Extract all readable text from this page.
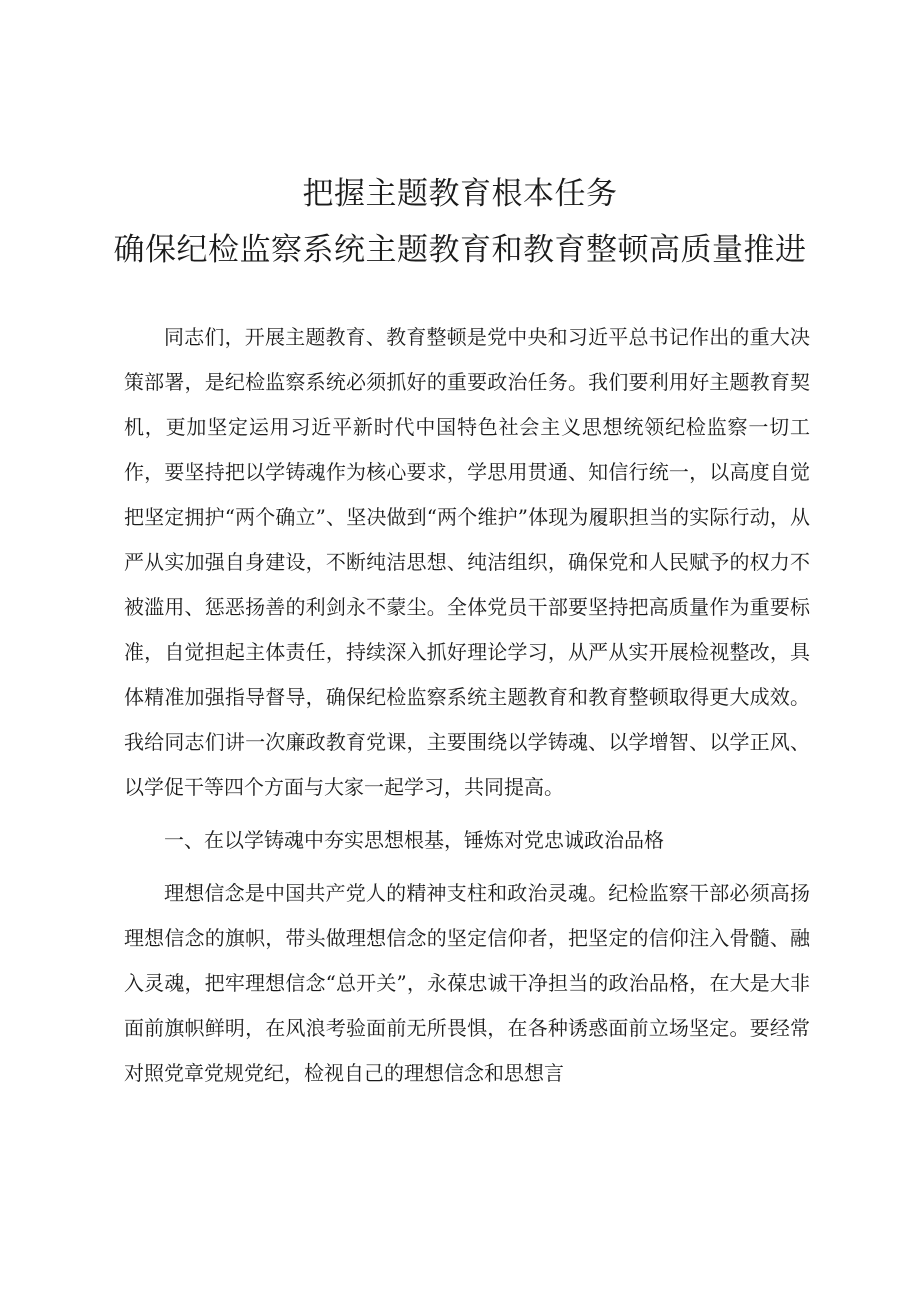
把握主题教育根本任务
确保纪检监察系统主题教育和教育整顿高质量推进

同志们，开展主题教育、教育整顿是党中央和习近平总书记作出的重大决策部署，是纪检监察系统必须抓好的重要政治任务。我们要利用好主题教育契机，更加坚定运用习近平新时代中国特色社会主义思想统领纪检监察一切工作，要坚持把以学铸魂作为核心要求，学思用贯通、知信行统一，以高度自觉把坚定拥护“两个确立”、坚决做到“两个维护”体现为履职担当的实际行动，从严从实加强自身建设，不断纯洁思想、纯洁组织，确保党和人民赋予的权力不被滥用、惩恶扬善的利剑永不蒙尘。全体党员干部要坚持把高质量作为重要标准，自觉担起主体责任，持续深入抓好理论学习，从严从实开展检视整改，具体精准加强指导督导，确保纪检监察系统主题教育和教育整顿取得更大成效。我给同志们讲一次廉政教育党课，主要围绕以学铸魂、以学增智、以学正风、以学促干等四个方面与大家一起学习，共同提高。

一、在以学铸魂中夯实思想根基，锤炼对党忠诚政治品格

理想信念是中国共产党人的精神支柱和政治灵魂。纪检监察干部必须高扬理想信念的旗帜，带头做理想信念的坚定信仰者，把坚定的信仰注入骨髓、融入灵魂，把牢理想信念“总开关”，永葆忠诚干净担当的政治品格，在大是大非面前旗帜鲜明，在风浪考验面前无所畏惧，在各种诱惑面前立场坚定。要经常对照党章党规党纪，检视自己的理想信念和思想言
